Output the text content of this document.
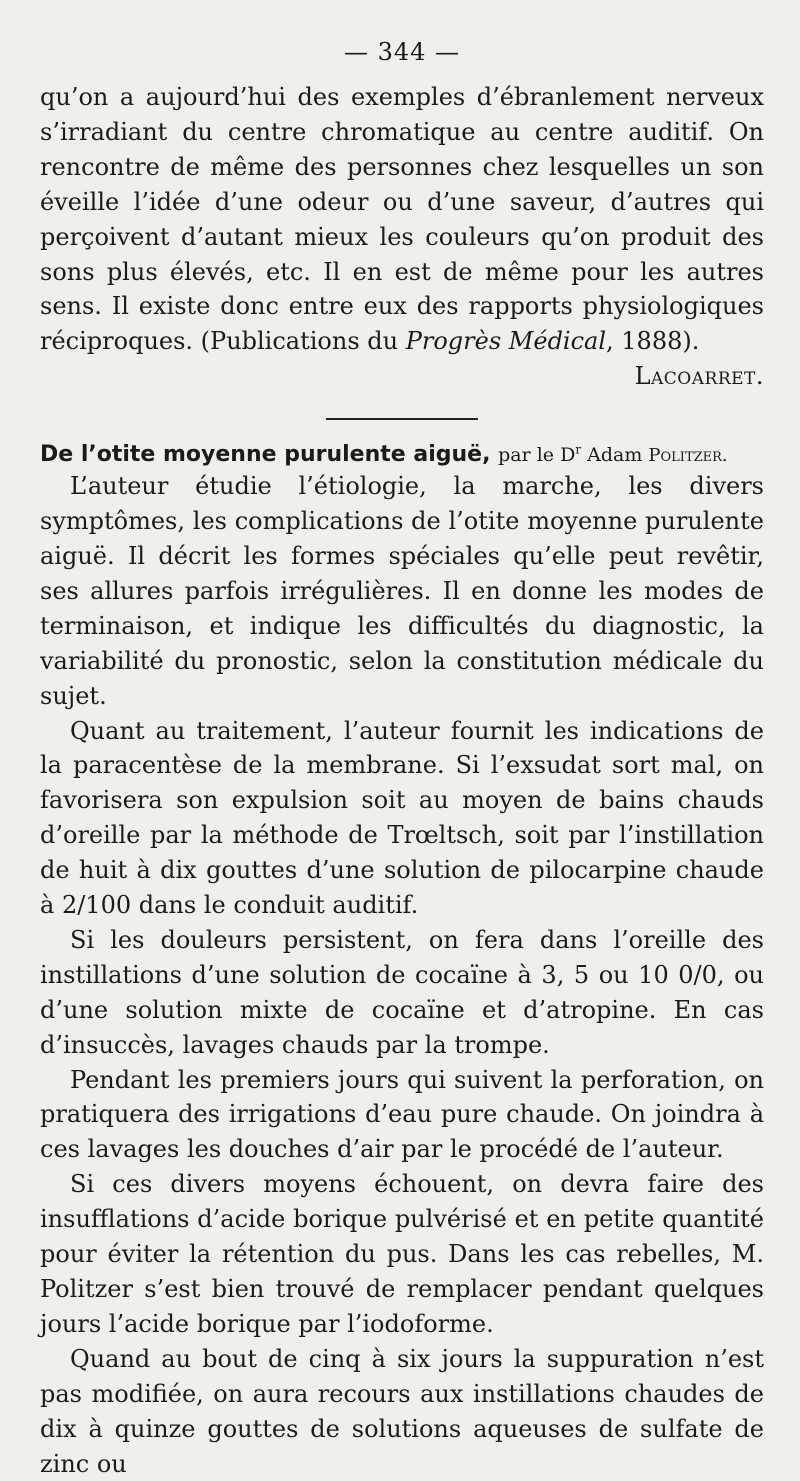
— 344 —

qu’on a aujourd’hui des exemples d’ébranlement nerveux s’irradiant du centre chromatique au centre auditif. On rencontre de même des personnes chez lesquelles un son éveille l’idée d’une odeur ou d’une saveur, d’autres qui perçoivent d’autant mieux les couleurs qu’on produit des sons plus élevés, etc. Il en est de même pour les autres sens. Il existe donc entre eux des rapports physiologiques réciproques. (Publications du Progrès Médical, 1888).
Lacoarret.

De l’otite moyenne purulente aiguë, par le $D^r$ Adam Politzer.

L’auteur étudie l’étiologie, la marche, les divers symptômes, les complications de l’otite moyenne purulente aiguë. Il décrit les formes spéciales qu’elle peut revêtir, ses allures parfois irrégulières. Il en donne les modes de terminaison, et indique les difficultés du diagnostic, la variabilité du pronostic, selon la constitution médicale du sujet.

Quant au traitement, l’auteur fournit les indications de la paracentèse de la membrane. Si l’exsudat sort mal, on favorisera son expulsion soit au moyen de bains chauds d’oreille par la méthode de Trœltsch, soit par l’instillation de huit à dix gouttes d’une solution de pilocarpine chaude à 2/100 dans le conduit auditif.

Si les douleurs persistent, on fera dans l’oreille des instillations d’une solution de cocaïne à 3, 5 ou 10 0/0, ou d’une solution mixte de cocaïne et d’atropine. En cas d’insuccès, lavages chauds par la trompe.

Pendant les premiers jours qui suivent la perforation, on pratiquera des irrigations d’eau pure chaude. On joindra à ces lavages les douches d’air par le procédé de l’auteur.

Si ces divers moyens échouent, on devra faire des insufflations d’acide borique pulvérisé et en petite quantité pour éviter la rétention du pus. Dans les cas rebelles, M. Politzer s’est bien trouvé de remplacer pendant quelques jours l’acide borique par l’iodoforme.

Quand au bout de cinq à six jours la suppuration n’est pas modifiée, on aura recours aux instillations chaudes de dix à quinze gouttes de solutions aqueuses de sulfate de zinc ou
